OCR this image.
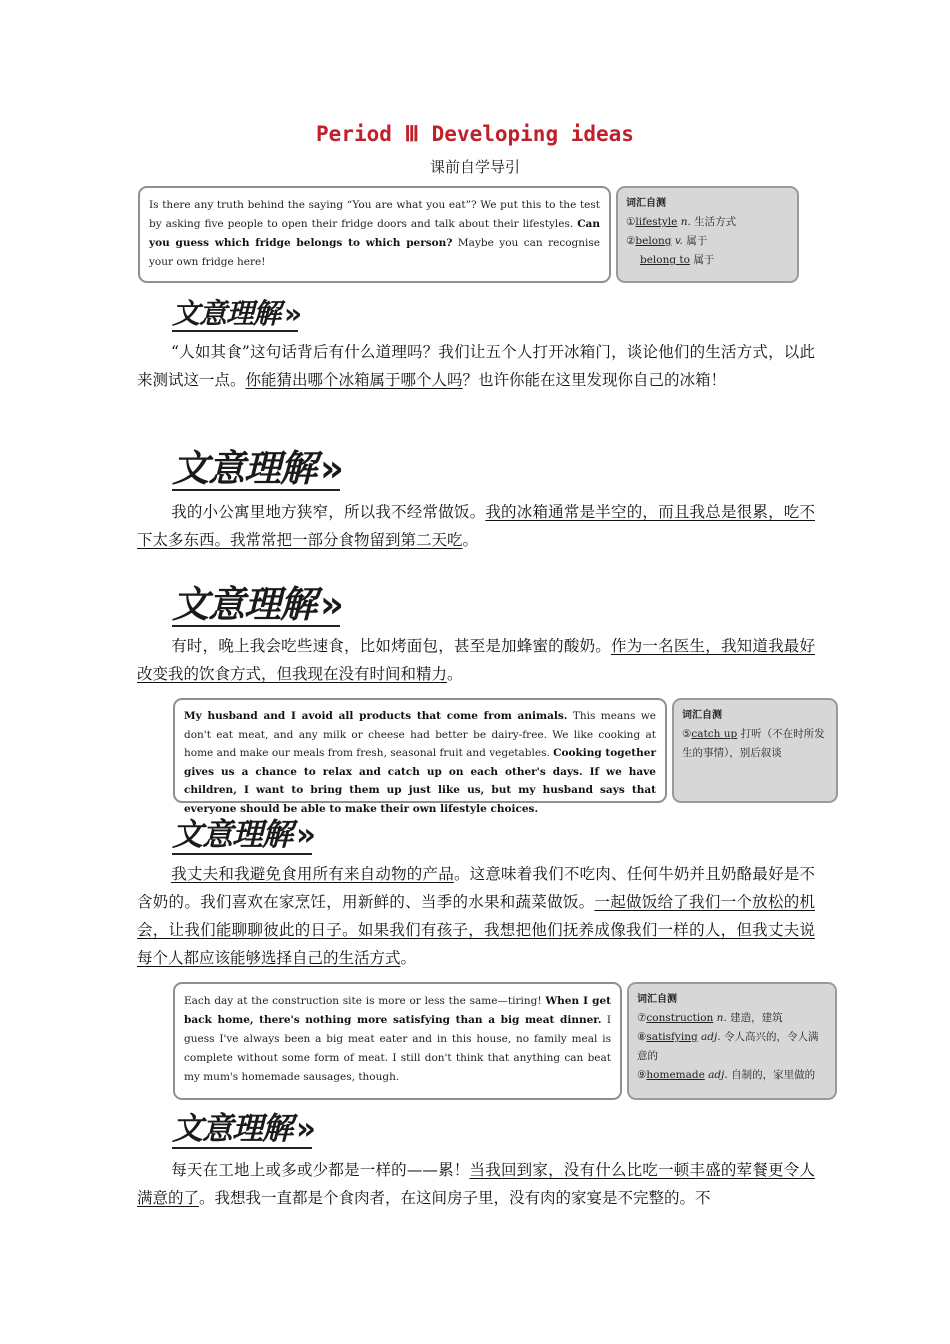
Period Ⅲ Developing ideas
课前自学导引
Is there any truth behind the saying “You are what you eat”? We put this to the test by asking five people to open their fridge doors and talk about their lifestyles. Can you guess which fridge belongs to which person? Maybe you can recognise your own fridge here!
词汇自测
①lifestyle n. 生活方式
②belong v. 属于
belong to 属于
文意理解 »
“人如其食”这句话背后有什么道理吗？我们让五个人打开冰箱门，谈论他们的生活方式，以此来测试这一点。你能猜出哪个冰箱属于哪个人吗？也许你能在这里发现你自己的冰箱！
文意理解 »
我的小公寓里地方狭窄，所以我不经常做饭。我的冰箱通常是半空的，而且我总是很累，吃不下太多东西。我常常把一部分食物留到第二天吃。
文意理解 »
有时，晚上我会吃些速食，比如烤面包，甚至是加蜂蜜的酸奶。作为一名医生，我知道我最好改变我的饮食方式，但我现在没有时间和精力。
My husband and I avoid all products that come from animals. This means we don't eat meat, and any milk or cheese had better be dairy-free. We like cooking at home and make our meals from fresh, seasonal fruit and vegetables. Cooking together gives us a chance to relax and catch up on each other's days. If we have children, I want to bring them up just like us, but my husband says that everyone should be able to make their own lifestyle choices.
词汇自测
⑤catch up 打听（不在时所发生的事情），别后叙谈
文意理解 »
我丈夫和我避免食用所有来自动物的产品。这意味着我们不吃肉、任何牛奶并且奶酪最好是不含奶的。我们喜欢在家烹饪，用新鲜的、当季的水果和蔬菜做饭。一起做饭给了我们一个放松的机会，让我们能聊聊彼此的日子。如果我们有孩子，我想把他们抚养成像我们一样的人，但我丈夫说每个人都应该能够选择自己的生活方式。
Each day at the construction site is more or less the same—tiring! When I get back home, there's nothing more satisfying than a big meat dinner. I guess I've always been a big meat eater and in this house, no family meal is complete without some form of meat. I still don't think that anything can beat my mum's homemade sausages, though.
词汇自测
⑦construction n. 建造，建筑
⑧satisfying adj. 令人高兴的，令人满意的
⑨homemade adj. 自制的，家里做的
文意理解 »
每天在工地上或多或少都是一样的——累！当我回到家，没有什么比吃一顿丰盛的荤餐更令人满意的了。我想我一直都是个食肉者，在这间房子里，没有肉的家宴是不完整的。不
